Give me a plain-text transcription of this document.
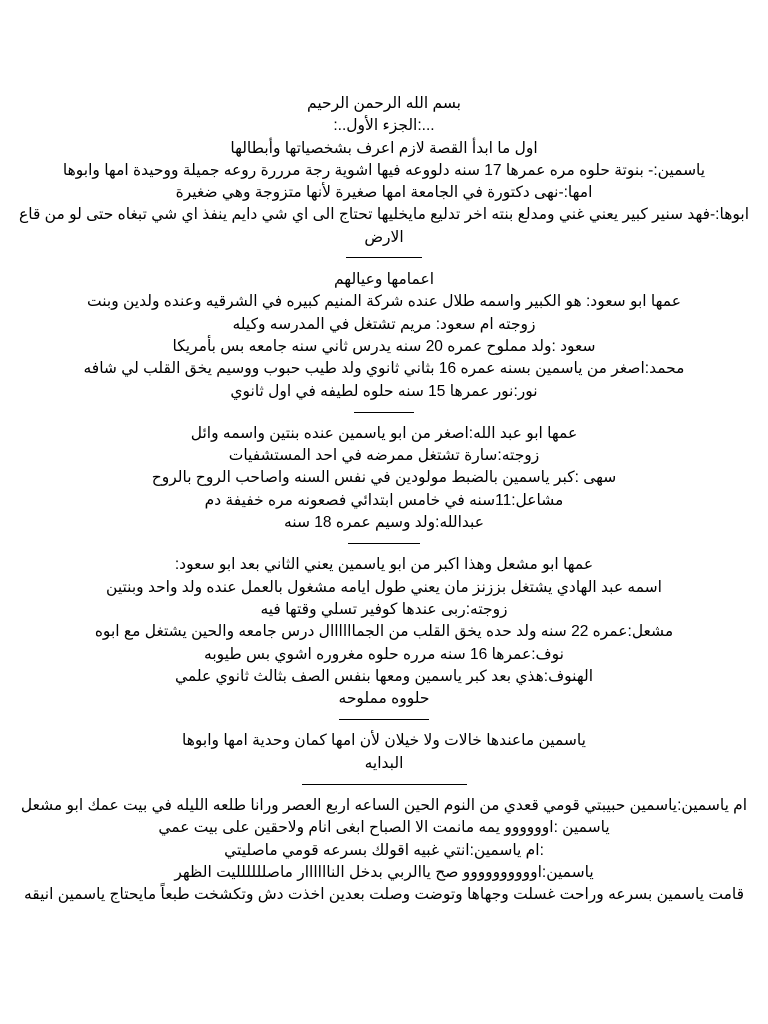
بسم الله الرحمن الرحيم

...:الجزء الأول..:

اول ما ابدأ القصة لازم اعرف بشخصياتها وأبطالها

ياسمين:- بنوتة حلوه مره عمرها 17 سنه دلووعه فيها اشوية رجة مرررة روعه جميلة ووحيدة امها وابوها

امها:-نهى دكتورة في الجامعة امها صغيرة لأنها متزوجة وهي ضغيرة

ابوها:-فهد سنير كبير يعني غني ومدلع بنته اخر تدليع مايخليها تحتاج الى اي شي دايم ينفذ اي شي تبغاه حتى لو من قاع الارض

اعمامها وعيالهم

عمها ابو سعود: هو الكبير واسمه طلال عنده شركة المنيم كبيره في الشرقيه وعنده ولدين وبنت

زوجته ام سعود: مريم تشتغل في المدرسه وكيله

سعود :ولد مملوح عمره 20 سنه يدرس ثاني سنه جامعه بس بأمريكا

محمد:اصغر من ياسمين بسنه عمره 16 بثاني ثانوي ولد طيب حبوب ووسيم يخق القلب لي شافه

نور:نور عمرها 15 سنه حلوه لطيفه في اول ثانوي

عمها ابو عبد الله:اصغر من ابو ياسمين عنده بنتين واسمه وائل

زوجته:سارة تشتغل ممرضه في احد المستشفيات

سهى :كبر ياسمين بالضبط مولودين في نفس السنه واصاحب الروح بالروح

مشاعل:11سنه في خامس ابتدائي فصعونه مره خفيفة دم

عبدالله:ولد وسيم عمره 18 سنه

عمها ابو مشعل وهذا اكبر من ابو ياسمين يعني الثاني بعد ابو سعود:

اسمه عبد الهادي يشتغل بززنز مان يعني طول ايامه مشغول بالعمل عنده ولد واحد وبنتين

زوجته:ربى عندها كوفير تسلي وقتها فيه

مشعل:عمره 22 سنه ولد حده يخق القلب من الجماااااال درس جامعه والحين يشتغل مع ابوه

نوف:عمرها 16 سنه مرره حلوه مغروره اشوي بس طيوبه

الهنوف:هذي بعد كبر ياسمين ومعها بنفس الصف بثالث ثانوي علمي

حلووه مملوحه

ياسمين ماعندها خالات ولا خيلان لأن امها كمان وحدية امها وابوها

البدايه

ام ياسمين:ياسمين حبيبتي قومي قعدي من النوم الحين الساعه اربع العصر ورانا طلعه الليله في بيت عمك ابو مشعل

ياسمين :اوووووو يمه مانمت الا الصباح ابغى انام ولاحقين على بيت عمي

:ام ياسمين:انتي غبيه اقولك بسرعه قومي ماصليتي

ياسمين:اوووووووووو صح ياالربي بدخل الناااااار ماصلللللليت الظهر

قامت ياسمين بسرعه وراحت غسلت وجهاها وتوضت وصلت بعدين اخذت دش وتكشخت طبعاً مايحتاج ياسمين انيقه
